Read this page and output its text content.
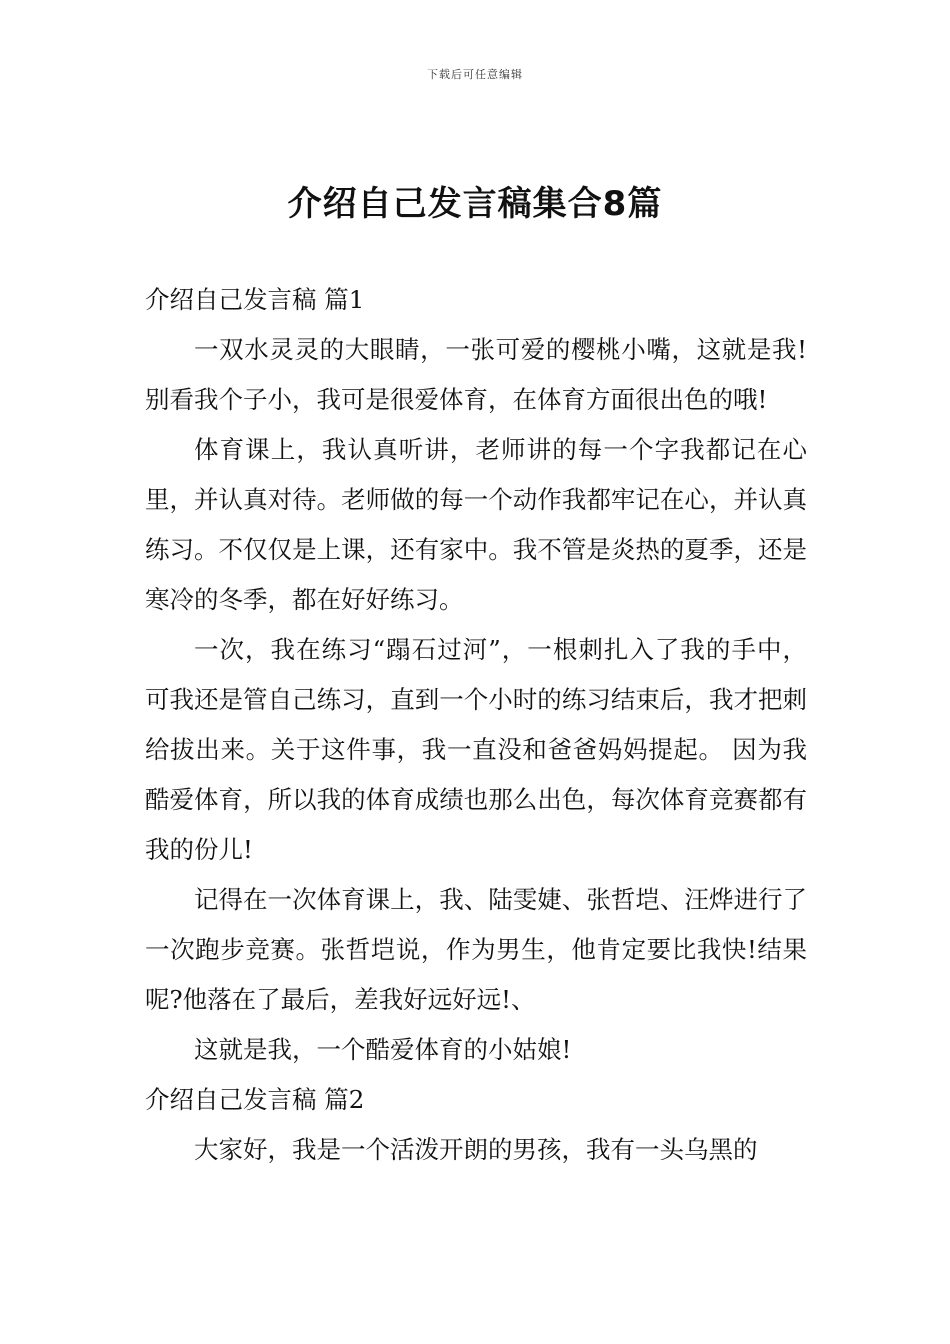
下载后可任意编辑
介绍自己发言稿集合8篇
介绍自己发言稿 篇1

一双水灵灵的大眼睛，一张可爱的樱桃小嘴，这就是我!别看我个子小，我可是很爱体育，在体育方面很出色的哦!

体育课上，我认真听讲，老师讲的每一个字我都记在心里，并认真对待。老师做的每一个动作我都牢记在心，并认真练习。不仅仅是上课，还有家中。我不管是炎热的夏季，还是寒冷的冬季，都在好好练习。

一次，我在练习“蹋石过河”，一根刺扎入了我的手中，可我还是管自己练习，直到一个小时的练习结束后，我才把刺给拔出来。关于这件事，我一直没和爸爸妈妈提起。 因为我酷爱体育，所以我的体育成绩也那么出色，每次体育竞赛都有我的份儿!

记得在一次体育课上，我、陆雯婕、张哲垲、汪烨进行了一次跑步竞赛。张哲垲说，作为男生，他肯定要比我快!结果呢?他落在了最后，差我好远好远!、

这就是我，一个酷爱体育的小姑娘!

介绍自己发言稿 篇2

大家好，我是一个活泼开朗的男孩，我有一头乌黑的
